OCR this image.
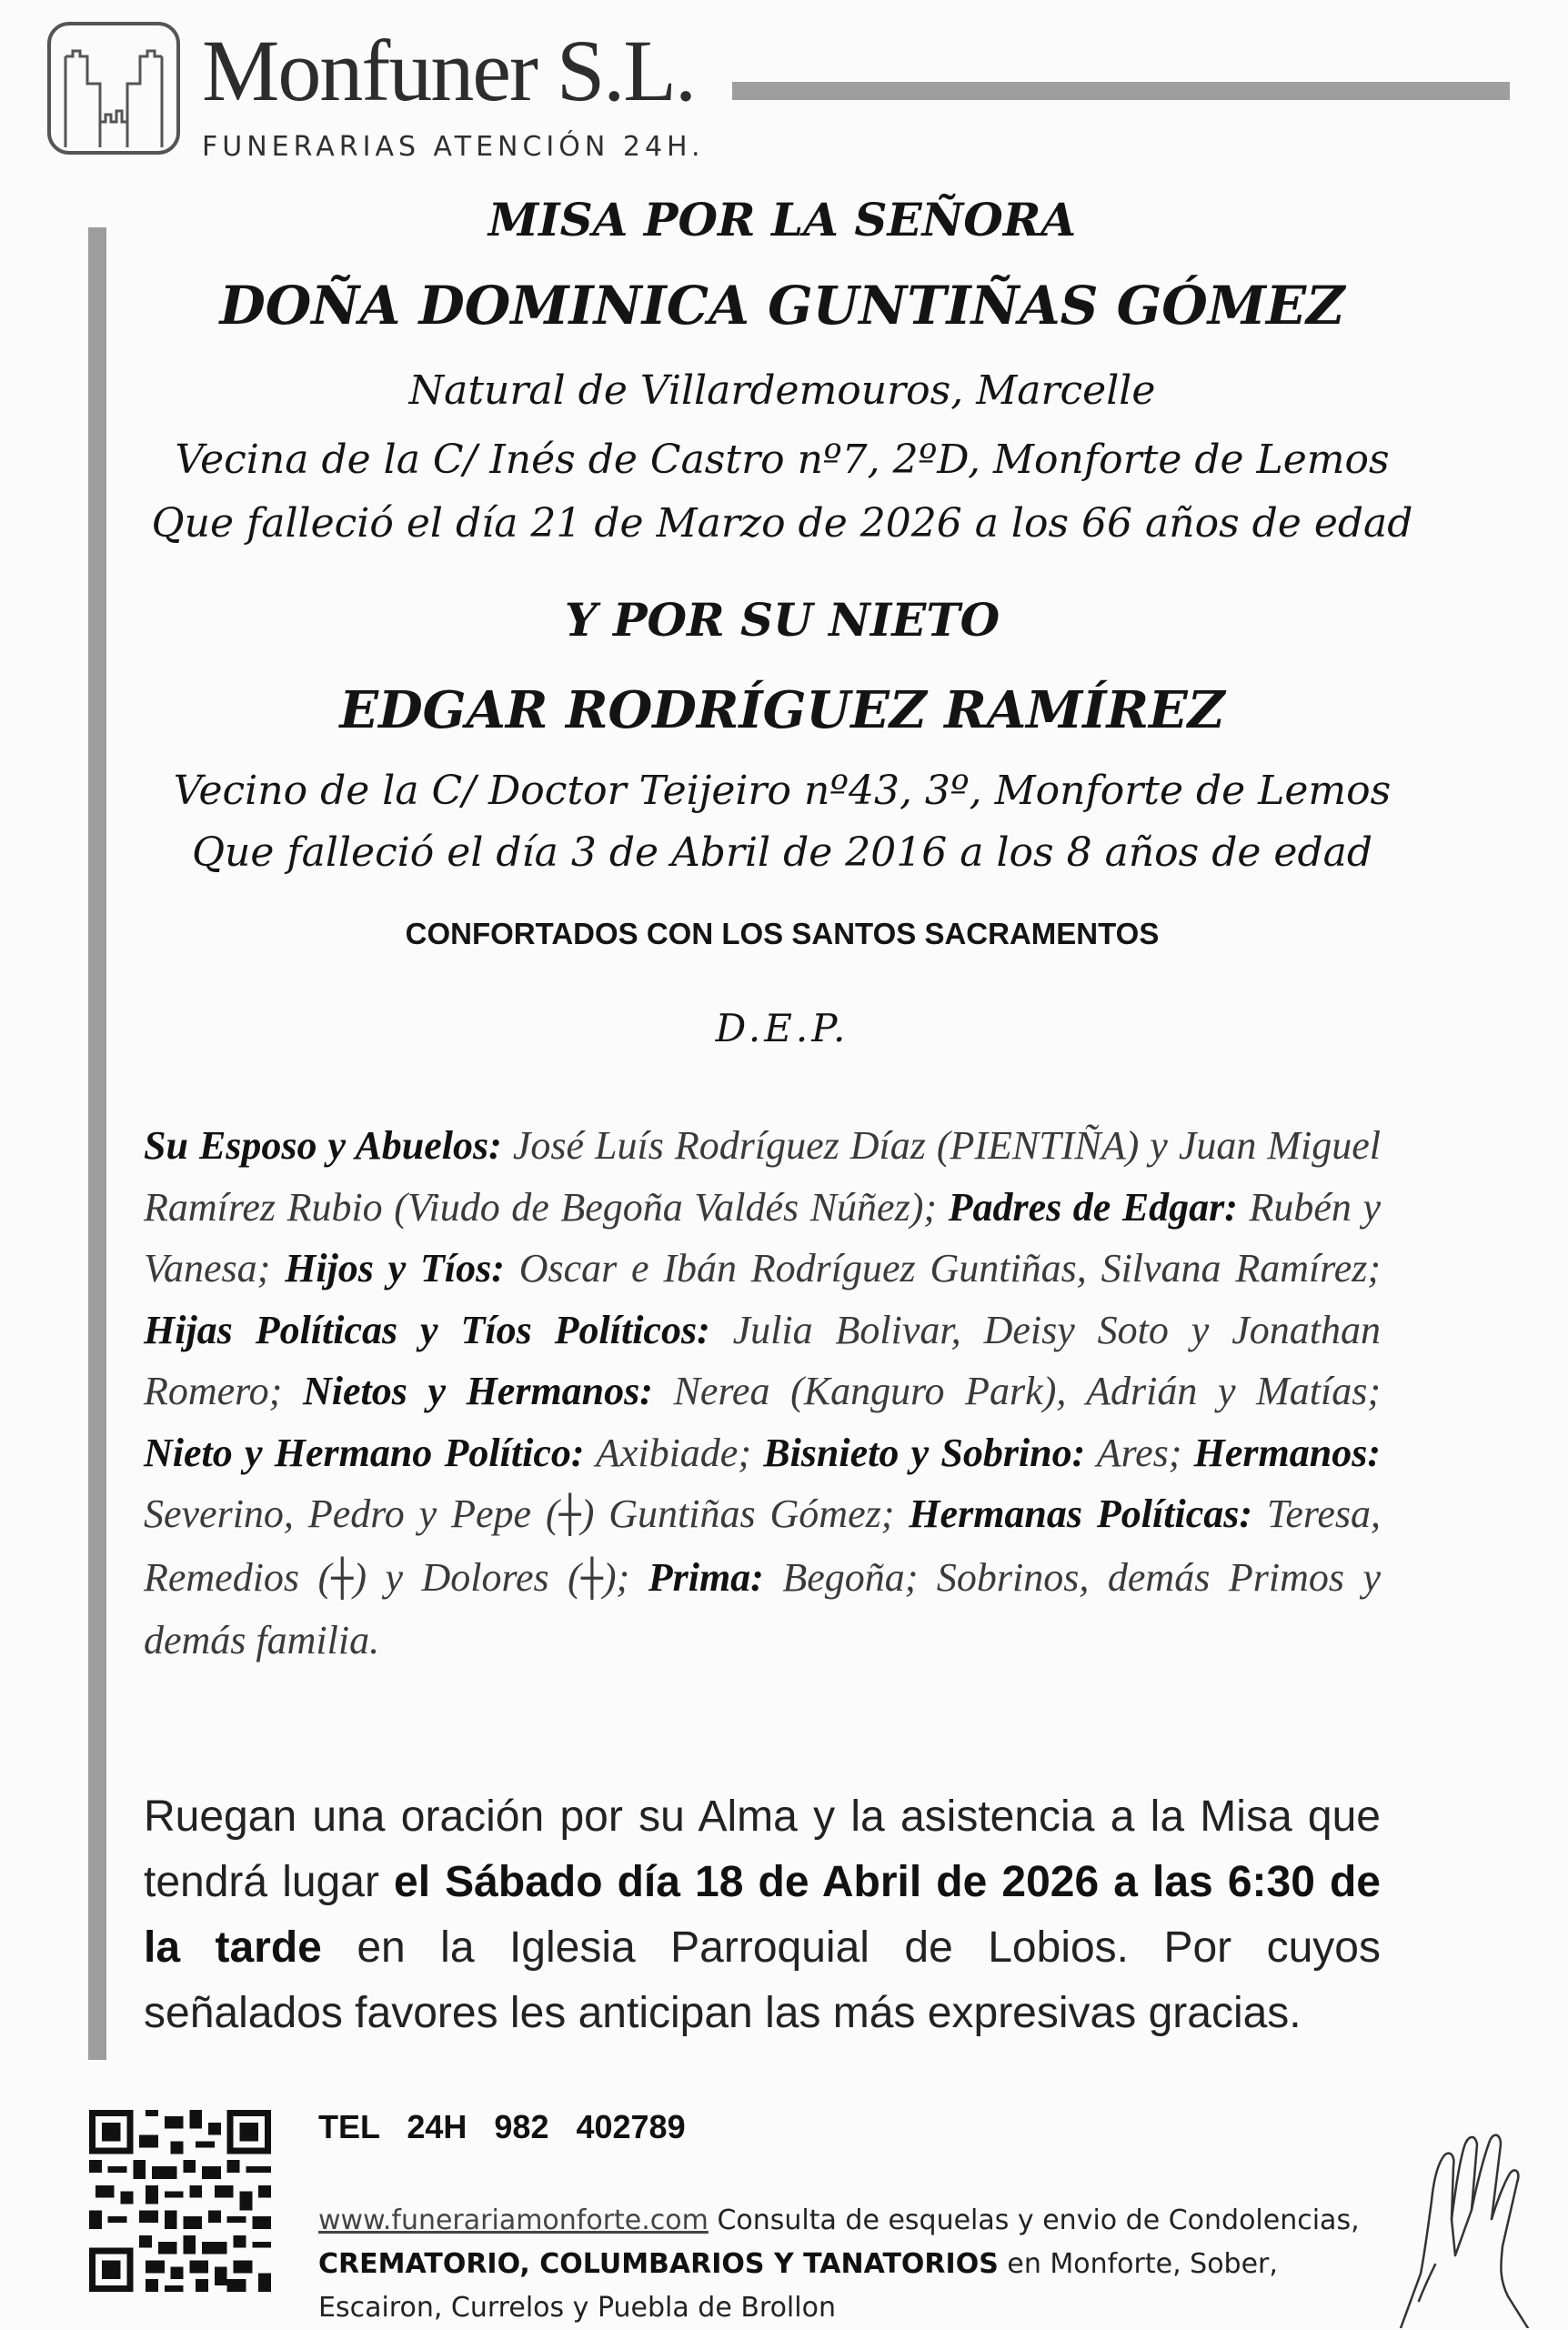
Monfuner S.L.
FUNERARIAS ATENCIÓN 24H.
MISA POR LA SEÑORA
DOÑA DOMINICA GUNTIÑAS GÓMEZ
Natural de Villardemouros, Marcelle
Vecina de la C/ Inés de Castro nº7, 2ºD, Monforte de Lemos
Que falleció el día 21 de Marzo de 2026 a los 66 años de edad
Y POR SU NIETO
EDGAR RODRÍGUEZ RAMÍREZ
Vecino de la C/ Doctor Teijeiro nº43, 3º, Monforte de Lemos
Que falleció el día 3 de Abril de 2016 a los 8 años de edad
CONFORTADOS CON LOS SANTOS SACRAMENTOS
D.E.P.
Su Esposo y Abuelos: José Luís Rodríguez Díaz (PIENTIÑA) y Juan Miguel Ramírez Rubio (Viudo de Begoña Valdés Núñez); Padres de Edgar: Rubén y Vanesa; Hijos y Tíos: Oscar e Ibán Rodríguez Guntiñas, Silvana Ramírez; Hijas Políticas y Tíos Políticos: Julia Bolivar, Deisy Soto y Jonathan Romero; Nietos y Hermanos: Nerea (Kanguro Park), Adrián y Matías; Nieto y Hermano Político: Axibiade; Bisnieto y Sobrino: Ares; Hermanos: Severino, Pedro y Pepe (┼) Guntiñas Gómez; Hermanas Políticas: Teresa, Remedios (┼) y Dolores (┼); Prima: Begoña; Sobrinos, demás Primos y demás familia.
Ruegan una oración por su Alma y la asistencia a la Misa que tendrá lugar el Sábado día 18 de Abril de 2026 a las 6:30 de la tarde en la Iglesia Parroquial de Lobios. Por cuyos señalados favores les anticipan las más expresivas gracias.
TEL 24H 982 402789
www.funerariamonforte.com Consulta de esquelas y envio de Condolencias, CREMATORIO, COLUMBARIOS Y TANATORIOS en Monforte, Sober, Escairon, Currelos y Puebla de Brollon
